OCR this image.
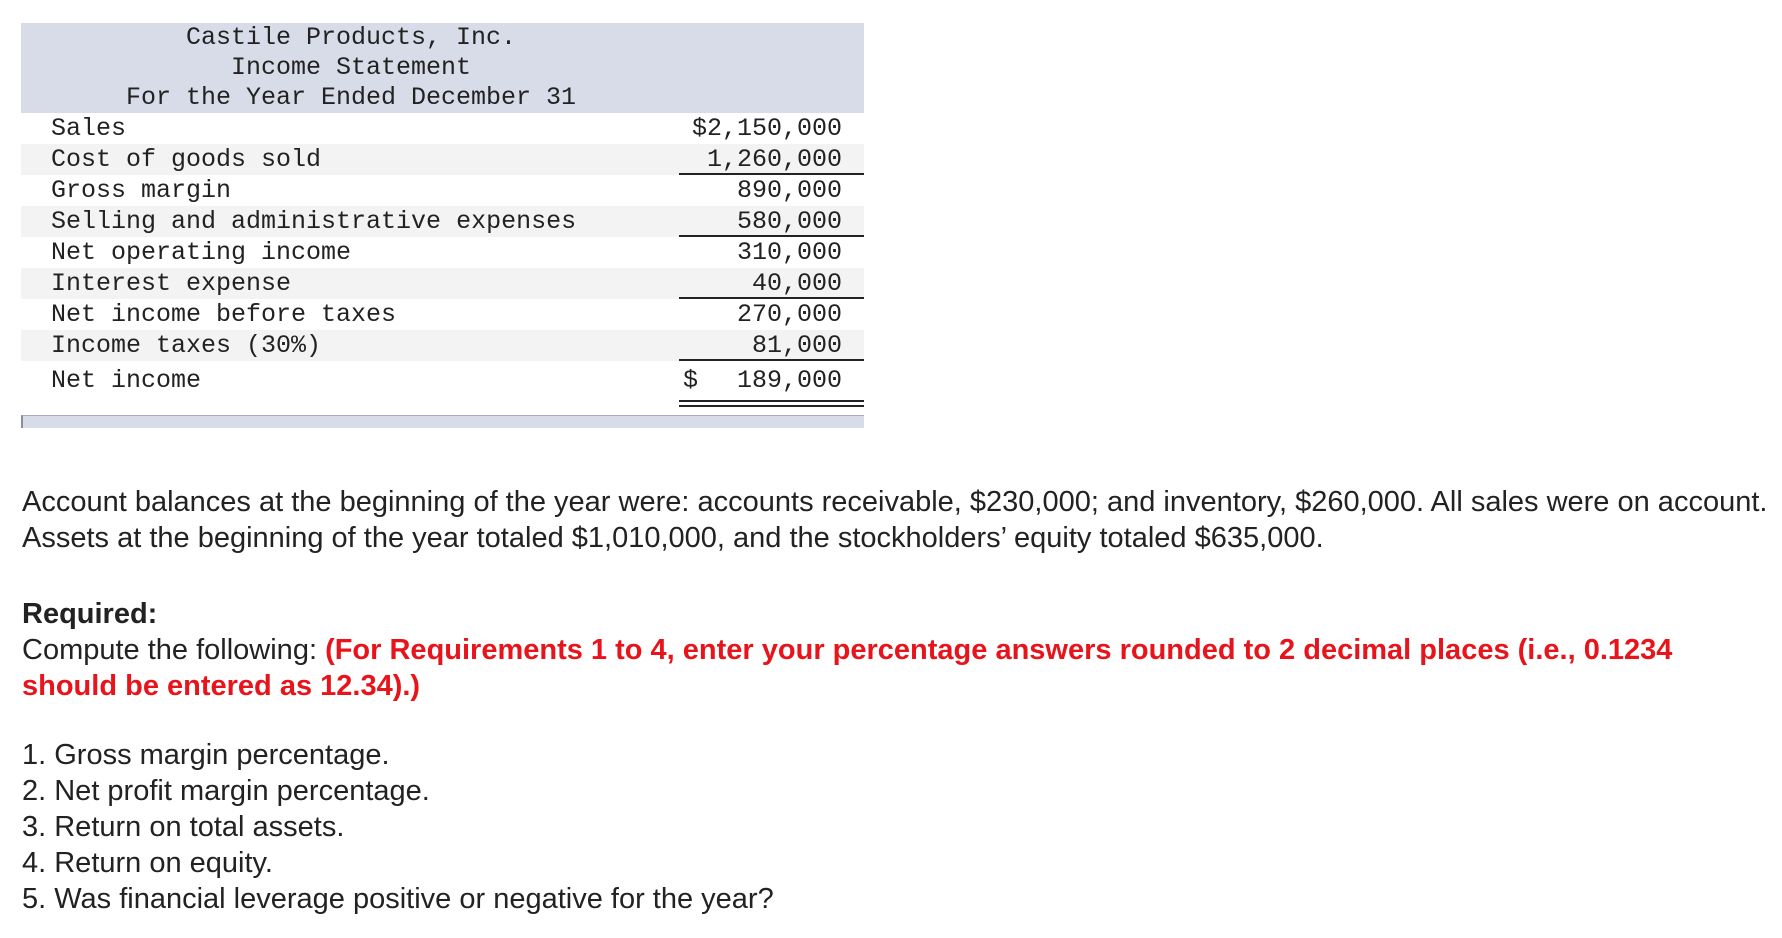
Castile Products, Inc.
Income Statement
For the Year Ended December 31
Sales	$2,150,000
Cost of goods sold	1,260,000
Gross margin	890,000
Selling and administrative expenses	580,000
Net operating income	310,000
Interest expense	40,000
Net income before taxes	270,000
Income taxes (30%)	81,000
Net income	$ 189,000
Account balances at the beginning of the year were: accounts receivable, $230,000; and inventory, $260,000. All sales were on account. Assets at the beginning of the year totaled $1,010,000, and the stockholders’ equity totaled $635,000.
Required:
Compute the following: (For Requirements 1 to 4, enter your percentage answers rounded to 2 decimal places (i.e., 0.1234 should be entered as 12.34).)
1. Gross margin percentage.
2. Net profit margin percentage.
3. Return on total assets.
4. Return on equity.
5. Was financial leverage positive or negative for the year?
